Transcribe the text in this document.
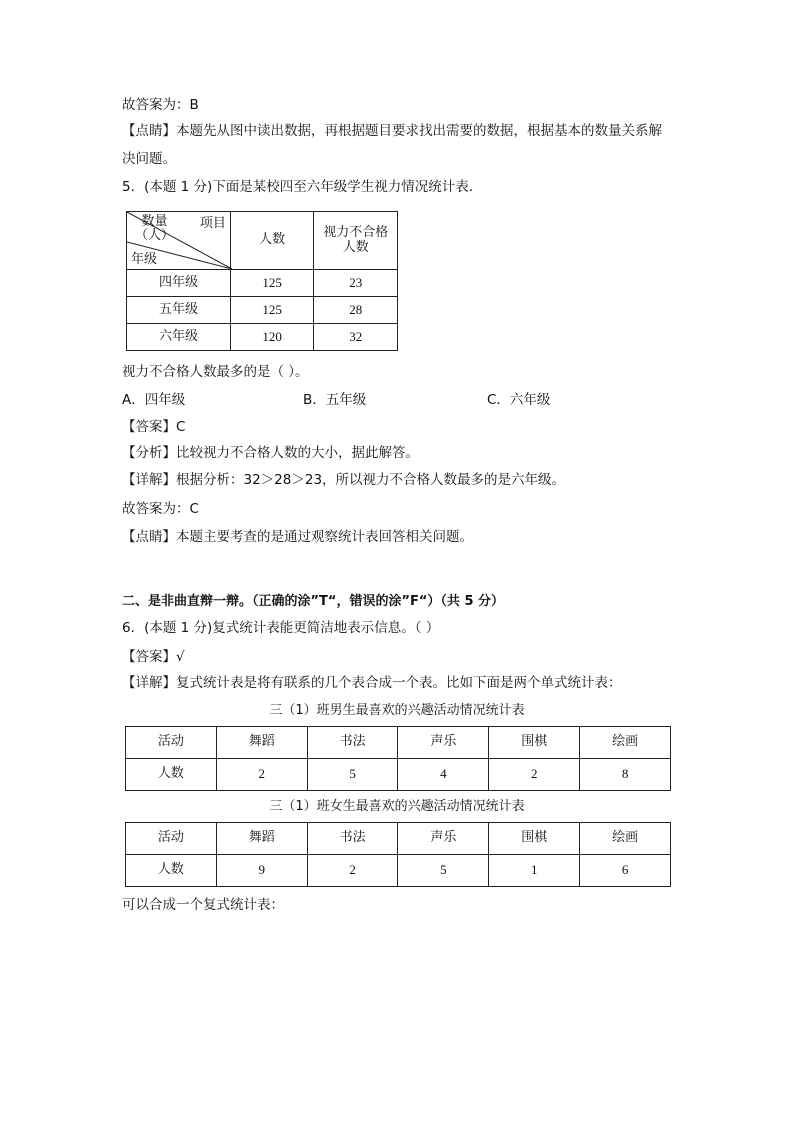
故答案为：B
【点睛】本题先从图中读出数据，再根据题目要求找出需要的数据，根据基本的数量关系解
决问题。
5．(本题 1 分)下面是某校四至六年级学生视力情况统计表．
项目
数量
（人）
年级	人数	视力不合格
人数
四年级	125	23
五年级	125	28
六年级	120	32
视力不合格人数最多的是（ ）。
A．四年级	B．五年级	C．六年级
【答案】C
【分析】比较视力不合格人数的大小，据此解答。
【详解】根据分析：32＞28＞23，所以视力不合格人数最多的是六年级。
故答案为：C
【点睛】本题主要考查的是通过观察统计表回答相关问题。
二、是非曲直辩一辩。（正确的涂”T“，错误的涂”F“）（共 5 分）
6．(本题 1 分)复式统计表能更简洁地表示信息。（ ）
【答案】√
【详解】复式统计表是将有联系的几个表合成一个表。比如下面是两个单式统计表：
三（1）班男生最喜欢的兴趣活动情况统计表
活动	舞蹈	书法	声乐	围棋	绘画
人数	2	5	4	2	8
三（1）班女生最喜欢的兴趣活动情况统计表
活动	舞蹈	书法	声乐	围棋	绘画
人数	9	2	5	1	6
可以合成一个复式统计表：
